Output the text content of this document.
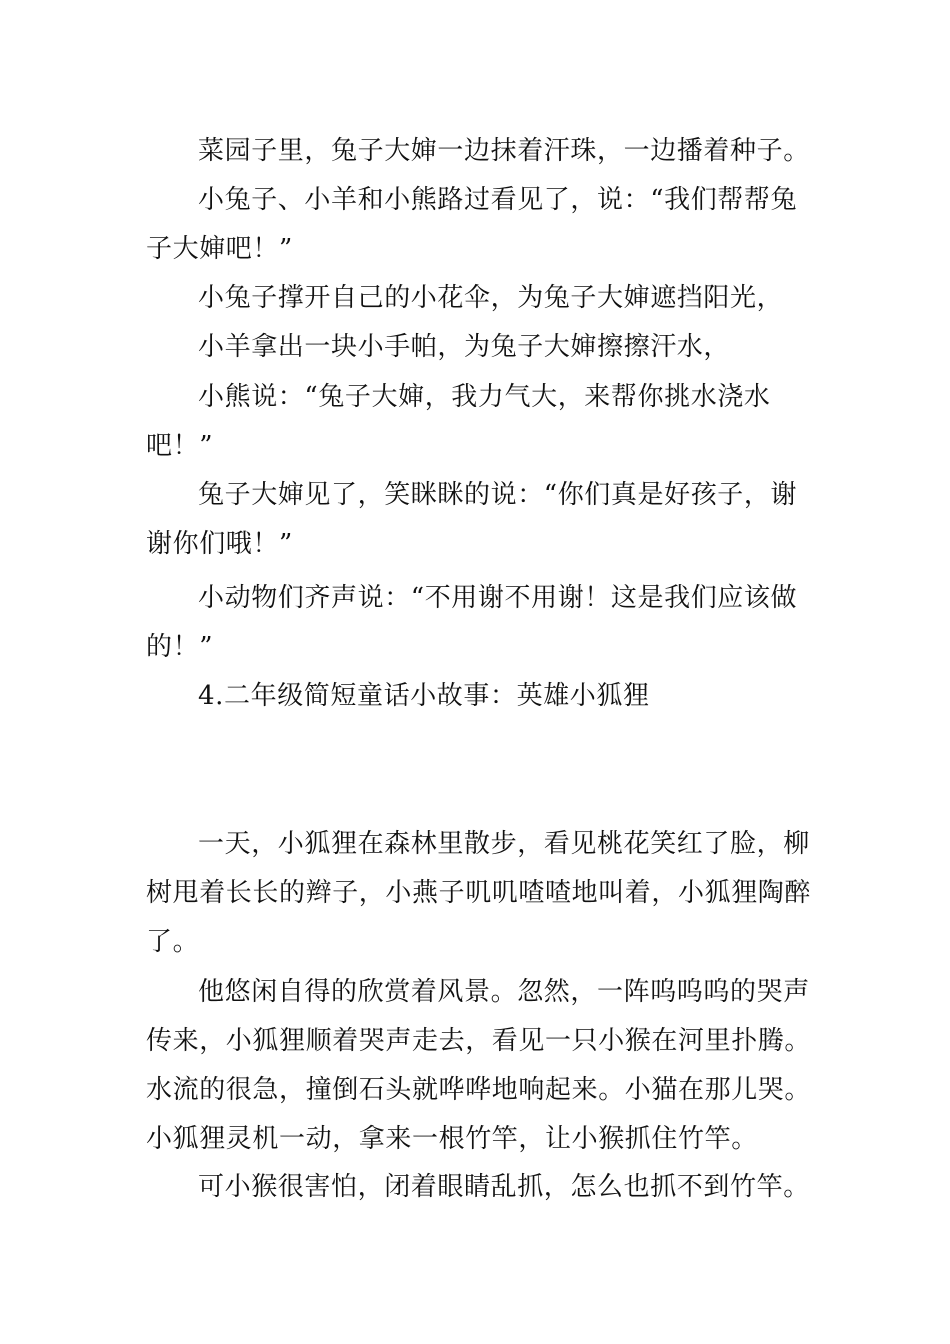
菜园子里，兔子大婶一边抹着汗珠，一边播着种子。

小兔子、小羊和小熊路过看见了，说：“我们帮帮兔子大婶吧！”

小兔子撑开自己的小花伞，为兔子大婶遮挡阳光，

小羊拿出一块小手帕，为兔子大婶擦擦汗水，

小熊说：“兔子大婶，我力气大，来帮你挑水浇水吧！”

兔子大婶见了，笑眯眯的说：“你们真是好孩子，谢谢你们哦！”

小动物们齐声说：“不用谢不用谢！这是我们应该做的！”

4.二年级简短童话小故事：英雄小狐狸

一天，小狐狸在森林里散步，看见桃花笑红了脸，柳树甩着长长的辫子，小燕子叽叽喳喳地叫着，小狐狸陶醉了。

他悠闲自得的欣赏着风景。忽然，一阵呜呜呜的哭声传来，小狐狸顺着哭声走去，看见一只小猴在河里扑腾。水流的很急，撞倒石头就哗哗地响起来。小猫在那儿哭。小狐狸灵机一动，拿来一根竹竿，让小猴抓住竹竿。

可小猴很害怕，闭着眼睛乱抓，怎么也抓不到竹竿。
